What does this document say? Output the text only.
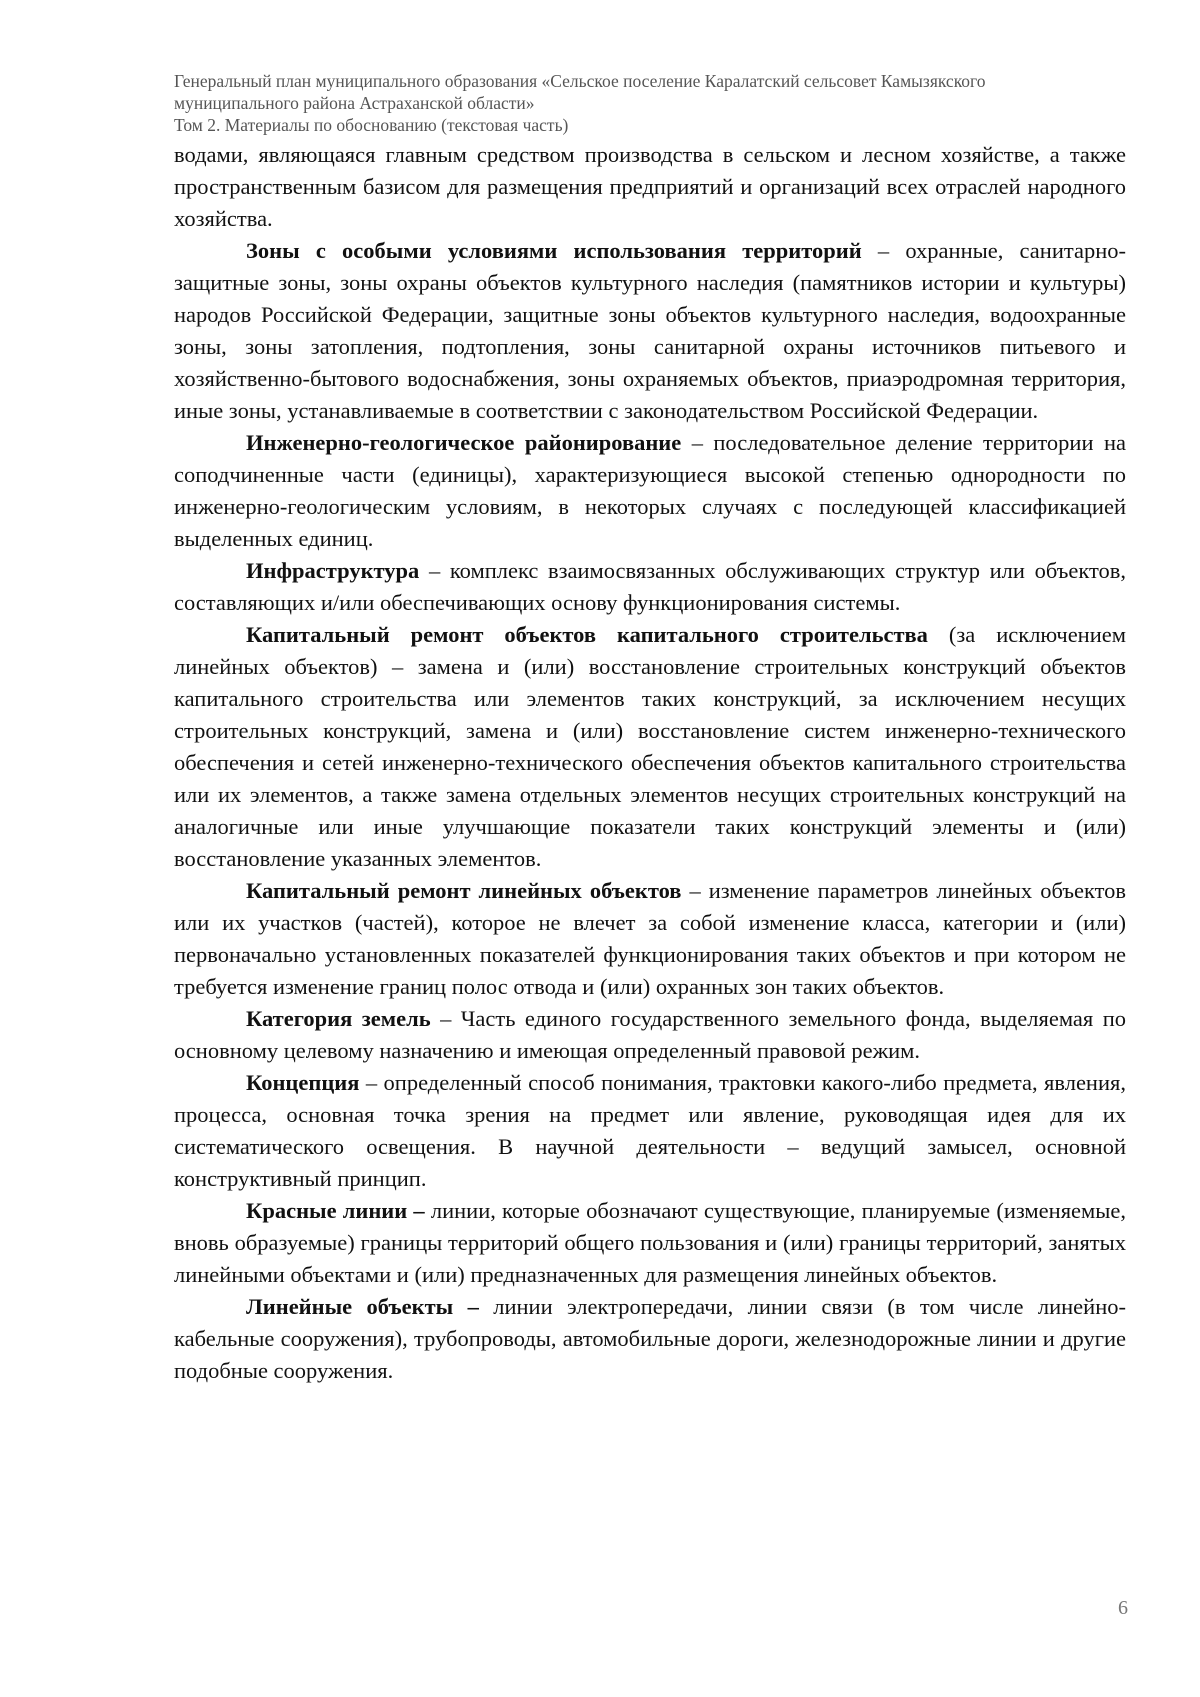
Генеральный план муниципального образования «Сельское поселение Каралатский сельсовет Камызякского
муниципального района Астраханской области»
Том 2. Материалы по обоснованию (текстовая часть)

водами, являющаяся главным средством производства в сельском и лесном хозяйстве, а также пространственным базисом для размещения предприятий и организаций всех отраслей народного хозяйства.

Зоны с особыми условиями использования территорий – охранные, санитарно-защитные зоны, зоны охраны объектов культурного наследия (памятников истории и культуры) народов Российской Федерации, защитные зоны объектов культурного наследия, водоохранные зоны, зоны затопления, подтопления, зоны санитарной охраны источников питьевого и хозяйственно-бытового водоснабжения, зоны охраняемых объектов, приаэродромная территория, иные зоны, устанавливаемые в соответствии с законодательством Российской Федерации.

Инженерно-геологическое районирование – последовательное деление территории на соподчиненные части (единицы), характеризующиеся высокой степенью однородности по инженерно-геологическим условиям, в некоторых случаях с последующей классификацией выделенных единиц.

Инфраструктура – комплекс взаимосвязанных обслуживающих структур или объектов, составляющих и/или обеспечивающих основу функционирования системы.

Капитальный ремонт объектов капитального строительства (за исключением линейных объектов) – замена и (или) восстановление строительных конструкций объектов капитального строительства или элементов таких конструкций, за исключением несущих строительных конструкций, замена и (или) восстановление систем инженерно-технического обеспечения и сетей инженерно-технического обеспечения объектов капитального строительства или их элементов, а также замена отдельных элементов несущих строительных конструкций на аналогичные или иные улучшающие показатели таких конструкций элементы и (или) восстановление указанных элементов.

Капитальный ремонт линейных объектов – изменение параметров линейных объектов или их участков (частей), которое не влечет за собой изменение класса, категории и (или) первоначально установленных показателей функционирования таких объектов и при котором не требуется изменение границ полос отвода и (или) охранных зон таких объектов.

Категория земель – Часть единого государственного земельного фонда, выделяемая по основному целевому назначению и имеющая определенный правовой режим.

Концепция – определенный способ понимания, трактовки какого-либо предмета, явления, процесса, основная точка зрения на предмет или явление, руководящая идея для их систематического освещения. В научной деятельности – ведущий замысел, основной конструктивный принцип.

Красные линии – линии, которые обозначают существующие, планируемые (изменяемые, вновь образуемые) границы территорий общего пользования и (или) границы территорий, занятых линейными объектами и (или) предназначенных для размещения линейных объектов.

Линейные объекты – линии электропередачи, линии связи (в том числе линейно-кабельные сооружения), трубопроводы, автомобильные дороги, железнодорожные линии и другие подобные сооружения.

6
